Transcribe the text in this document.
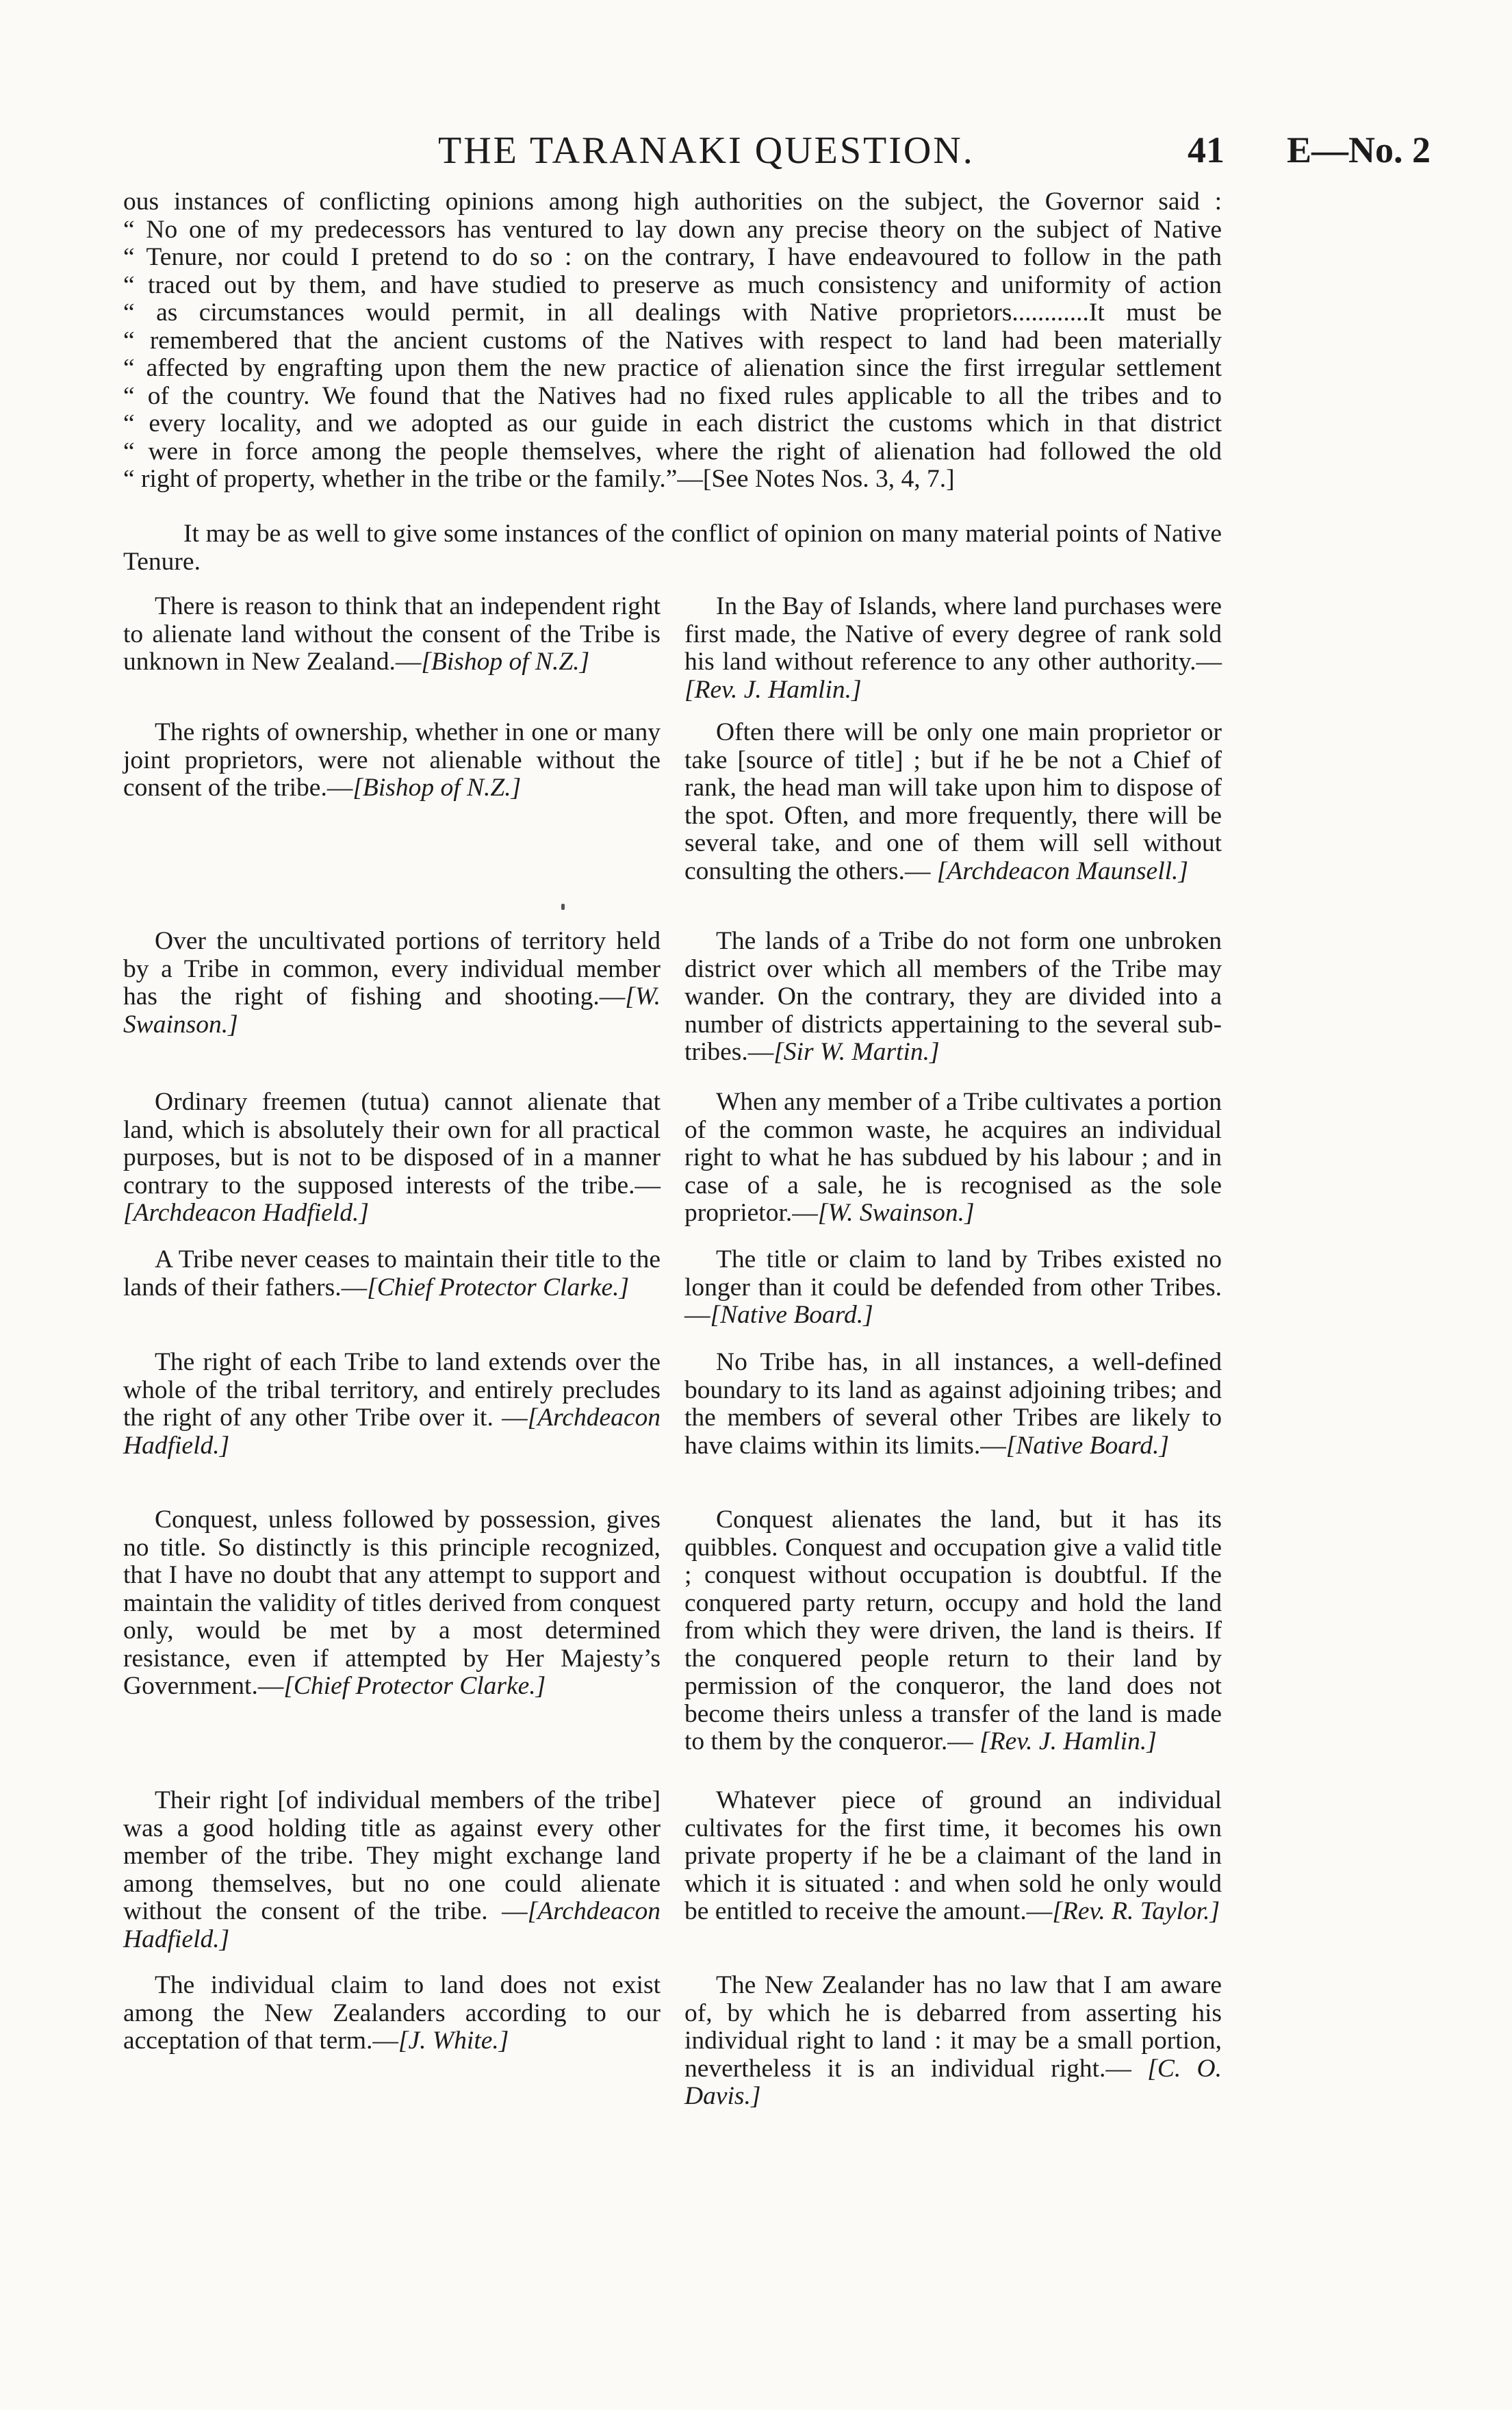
THE TARANAKI QUESTION.	41 E—No. 2
ous instances of conflicting opinions among high authorities on the subject, the Governor said :
“ No one of my predecessors has ventured to lay down any precise theory on the subject of Native
“ Tenure, nor could I pretend to do so : on the contrary, I have endeavoured to follow in the path
“ traced out by them, and have studied to preserve as much consistency and uniformity of action
“ as circumstances would permit, in all dealings with Native proprietors............It must be
“ remembered that the ancient customs of the Natives with respect to land had been materially
“ affected by engrafting upon them the new practice of alienation since the first irregular settlement
“ of the country. We found that the Natives had no fixed rules applicable to all the tribes and to
“ every locality, and we adopted as our guide in each district the customs which in that district
“ were in force among the people themselves, where the right of alienation had followed the old
“ right of property, whether in the tribe or the family.”—[See Notes Nos. 3, 4, 7.]
It may be as well to give some instances of the conflict of opinion on many material points of Native Tenure.
There is reason to think that an independent right to alienate land without the consent of the Tribe is unknown in New Zealand.—[Bishop of N.Z.]
The rights of ownership, whether in one or many joint proprietors, were not alienable without the consent of the tribe.—[Bishop of N.Z.]
Over the uncultivated portions of territory held by a Tribe in common, every individual member has the right of fishing and shooting.—[W. Swainson.]
Ordinary freemen (tutua) cannot alienate that land, which is absolutely their own for all practical purposes, but is not to be disposed of in a manner contrary to the supposed interests of the tribe.—[Archdeacon Hadfield.]
A Tribe never ceases to maintain their title to the lands of their fathers.—[Chief Protector Clarke.]
The right of each Tribe to land extends over the whole of the tribal territory, and entirely precludes the right of any other Tribe over it. —[Archdeacon Hadfield.]
Conquest, unless followed by possession, gives no title. So distinctly is this principle recognized, that I have no doubt that any attempt to support and maintain the validity of titles derived from conquest only, would be met by a most determined resistance, even if attempted by Her Majesty’s Government.—[Chief Protector Clarke.]
Their right [of individual members of the tribe] was a good holding title as against every other member of the tribe. They might exchange land among themselves, but no one could alienate without the consent of the tribe. —[Archdeacon Hadfield.]
The individual claim to land does not exist among the New Zealanders according to our acceptation of that term.—[J. White.]
In the Bay of Islands, where land purchases were first made, the Native of every degree of rank sold his land without reference to any other authority.—[Rev. J. Hamlin.]
Often there will be only one main proprietor or take [source of title] ; but if he be not a Chief of rank, the head man will take upon him to dispose of the spot. Often, and more frequently, there will be several take, and one of them will sell without consulting the others.— [Archdeacon Maunsell.]
The lands of a Tribe do not form one unbroken district over which all members of the Tribe may wander. On the contrary, they are divided into a number of districts appertaining to the several sub-tribes.—[Sir W. Martin.]
When any member of a Tribe cultivates a portion of the common waste, he acquires an individual right to what he has subdued by his labour ; and in case of a sale, he is recognised as the sole proprietor.—[W. Swainson.]
The title or claim to land by Tribes existed no longer than it could be defended from other Tribes.—[Native Board.]
No Tribe has, in all instances, a well-defined boundary to its land as against adjoining tribes; and the members of several other Tribes are likely to have claims within its limits.—[Native Board.]
Conquest alienates the land, but it has its quibbles. Conquest and occupation give a valid title ; conquest without occupation is doubtful. If the conquered party return, occupy and hold the land from which they were driven, the land is theirs. If the conquered people return to their land by permission of the conqueror, the land does not become theirs unless a transfer of the land is made to them by the conqueror.— [Rev. J. Hamlin.]
Whatever piece of ground an individual cultivates for the first time, it becomes his own private property if he be a claimant of the land in which it is situated : and when sold he only would be entitled to receive the amount.—[Rev. R. Taylor.]
The New Zealander has no law that I am aware of, by which he is debarred from asserting his individual right to land : it may be a small portion, nevertheless it is an individual right.— [C. O. Davis.]
